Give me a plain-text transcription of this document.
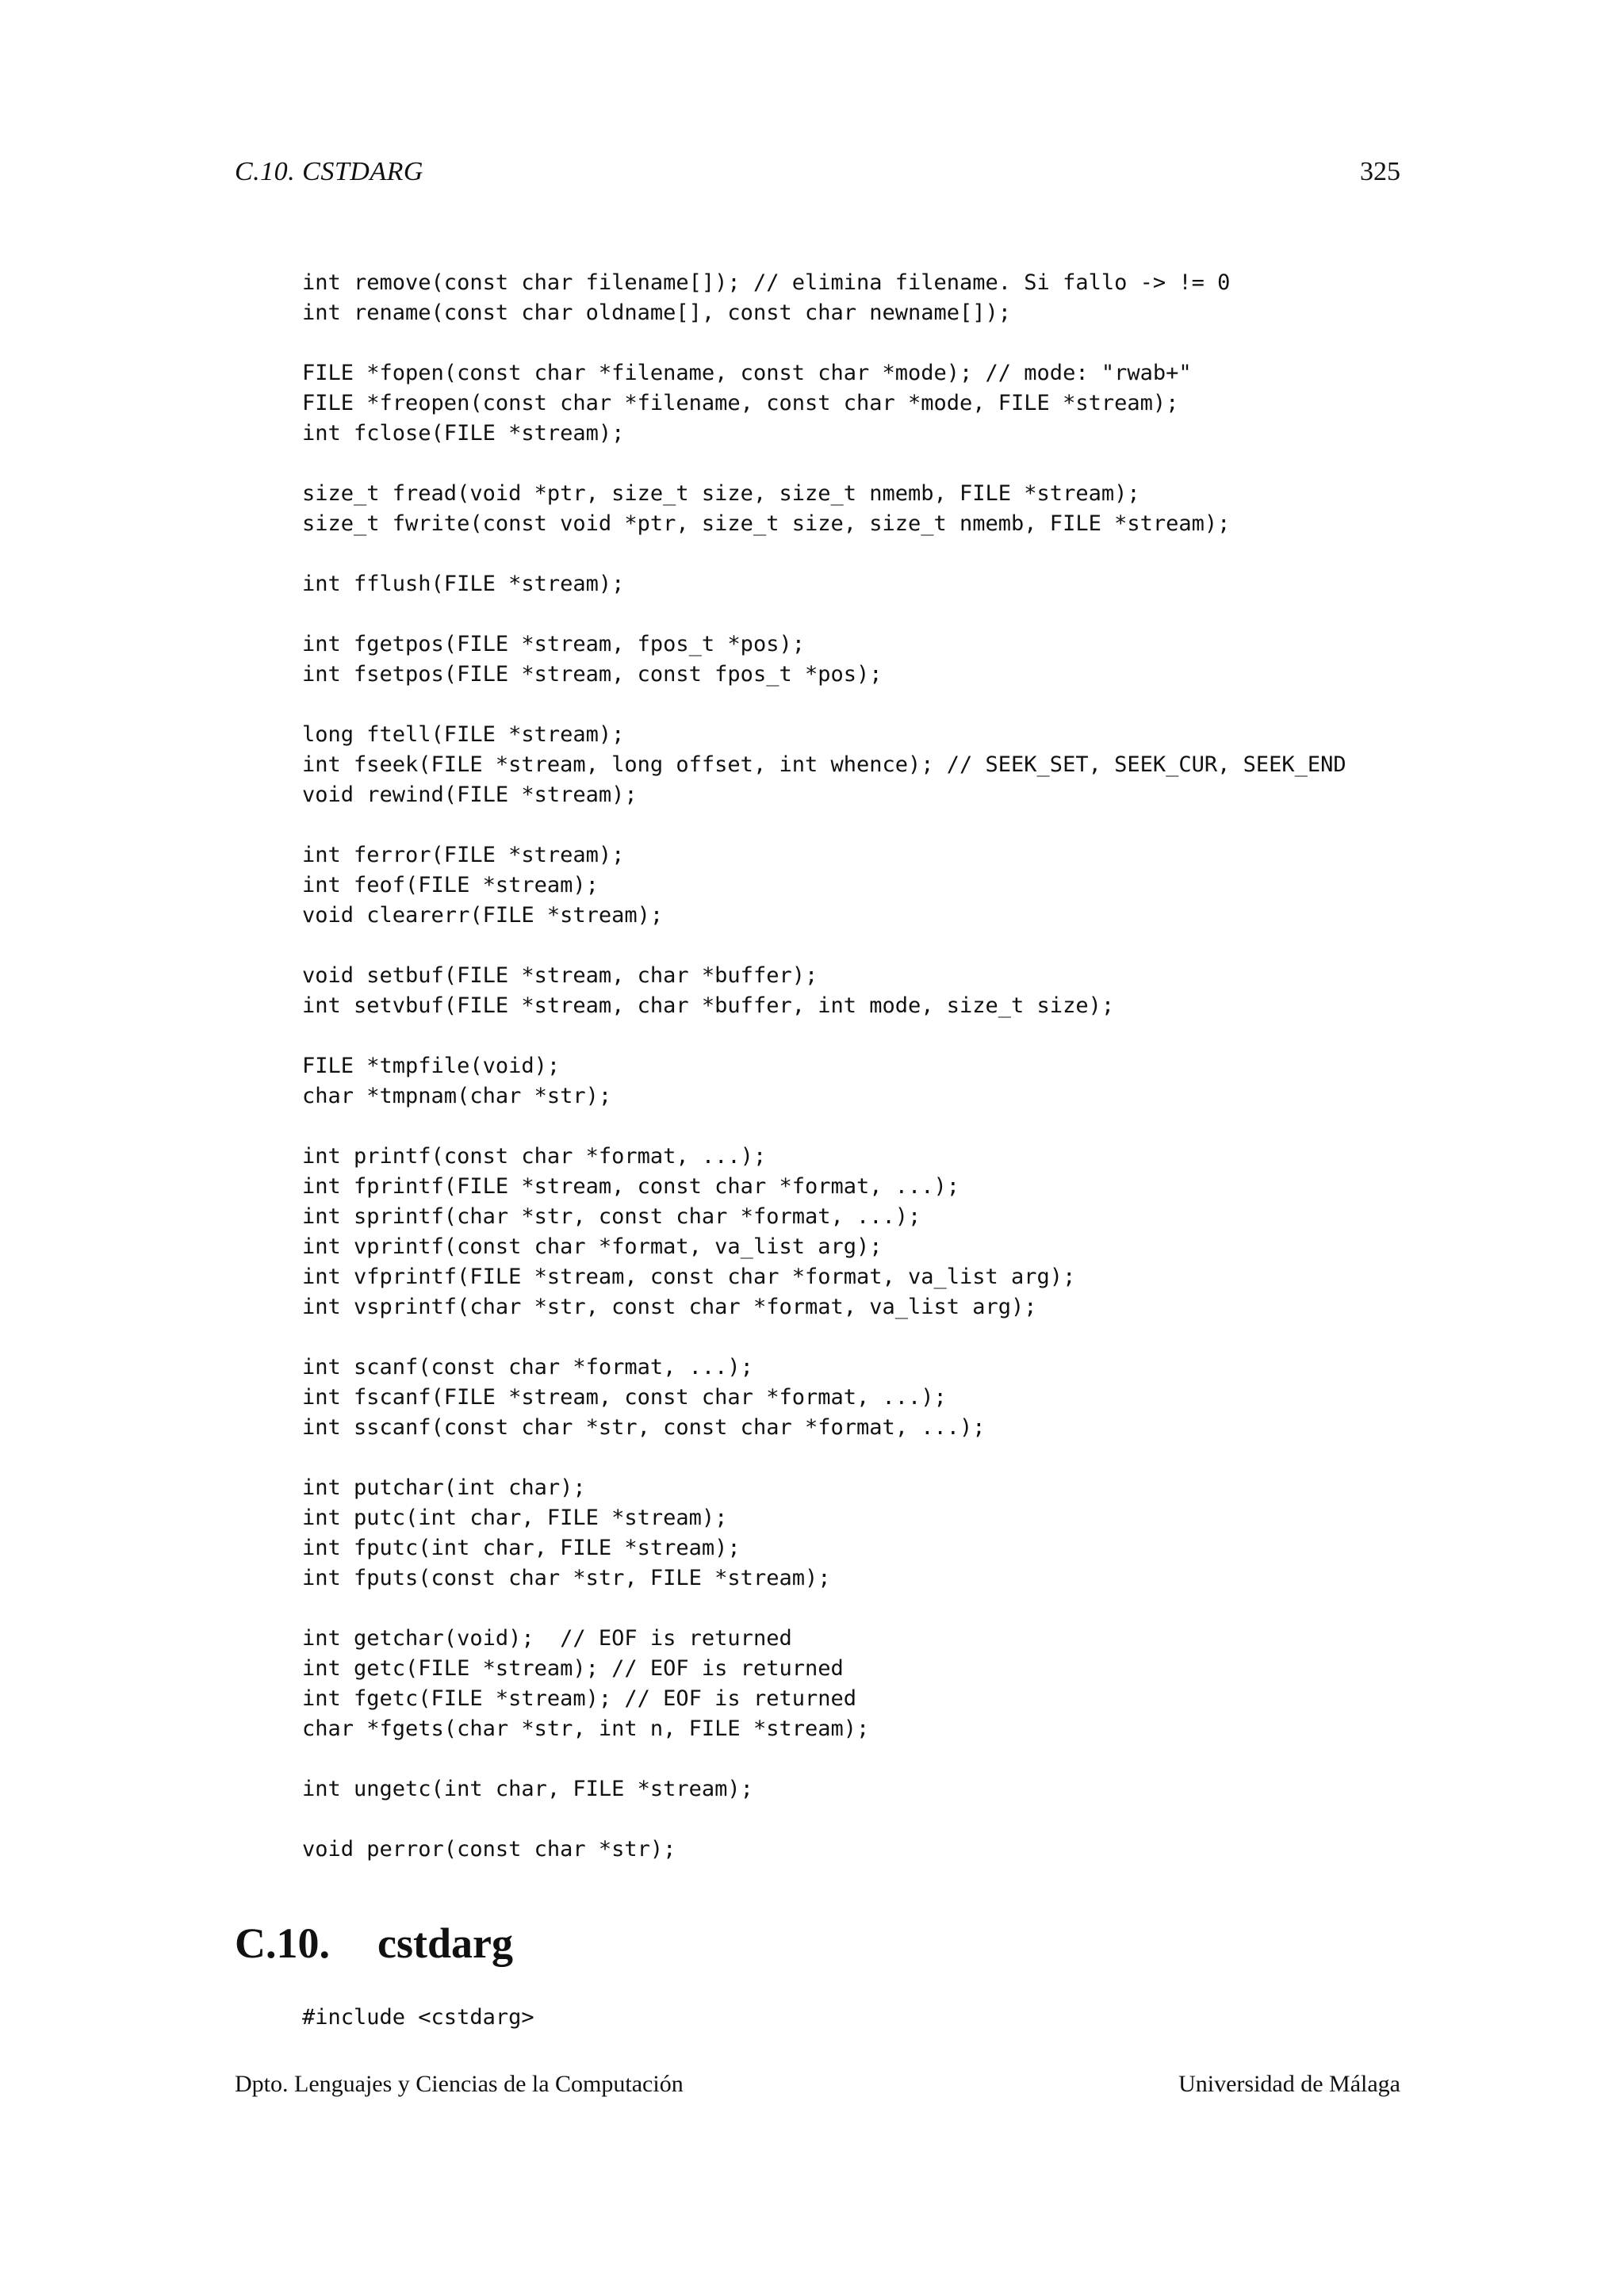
C.10. CSTDARG	325
int remove(const char filename[]); // elimina filename. Si fallo -> != 0
int rename(const char oldname[], const char newname[]);
FILE *fopen(const char *filename, const char *mode); // mode: "rwab+"
FILE *freopen(const char *filename, const char *mode, FILE *stream);
int fclose(FILE *stream);
size_t fread(void *ptr, size_t size, size_t nmemb, FILE *stream);
size_t fwrite(const void *ptr, size_t size, size_t nmemb, FILE *stream);
int fflush(FILE *stream);
int fgetpos(FILE *stream, fpos_t *pos);
int fsetpos(FILE *stream, const fpos_t *pos);
long ftell(FILE *stream);
int fseek(FILE *stream, long offset, int whence); // SEEK_SET, SEEK_CUR, SEEK_END
void rewind(FILE *stream);
int ferror(FILE *stream);
int feof(FILE *stream);
void clearerr(FILE *stream);
void setbuf(FILE *stream, char *buffer);
int setvbuf(FILE *stream, char *buffer, int mode, size_t size);
FILE *tmpfile(void);
char *tmpnam(char *str);
int printf(const char *format, ...);
int fprintf(FILE *stream, const char *format, ...);
int sprintf(char *str, const char *format, ...);
int vprintf(const char *format, va_list arg);
int vfprintf(FILE *stream, const char *format, va_list arg);
int vsprintf(char *str, const char *format, va_list arg);
int scanf(const char *format, ...);
int fscanf(FILE *stream, const char *format, ...);
int sscanf(const char *str, const char *format, ...);
int putchar(int char);
int putc(int char, FILE *stream);
int fputc(int char, FILE *stream);
int fputs(const char *str, FILE *stream);
int getchar(void);  // EOF is returned
int getc(FILE *stream); // EOF is returned
int fgetc(FILE *stream); // EOF is returned
char *fgets(char *str, int n, FILE *stream);
int ungetc(int char, FILE *stream);
void perror(const char *str);
C.10. cstdarg
#include <cstdarg>
Dpto. Lenguajes y Ciencias de la Computación	Universidad de Málaga
